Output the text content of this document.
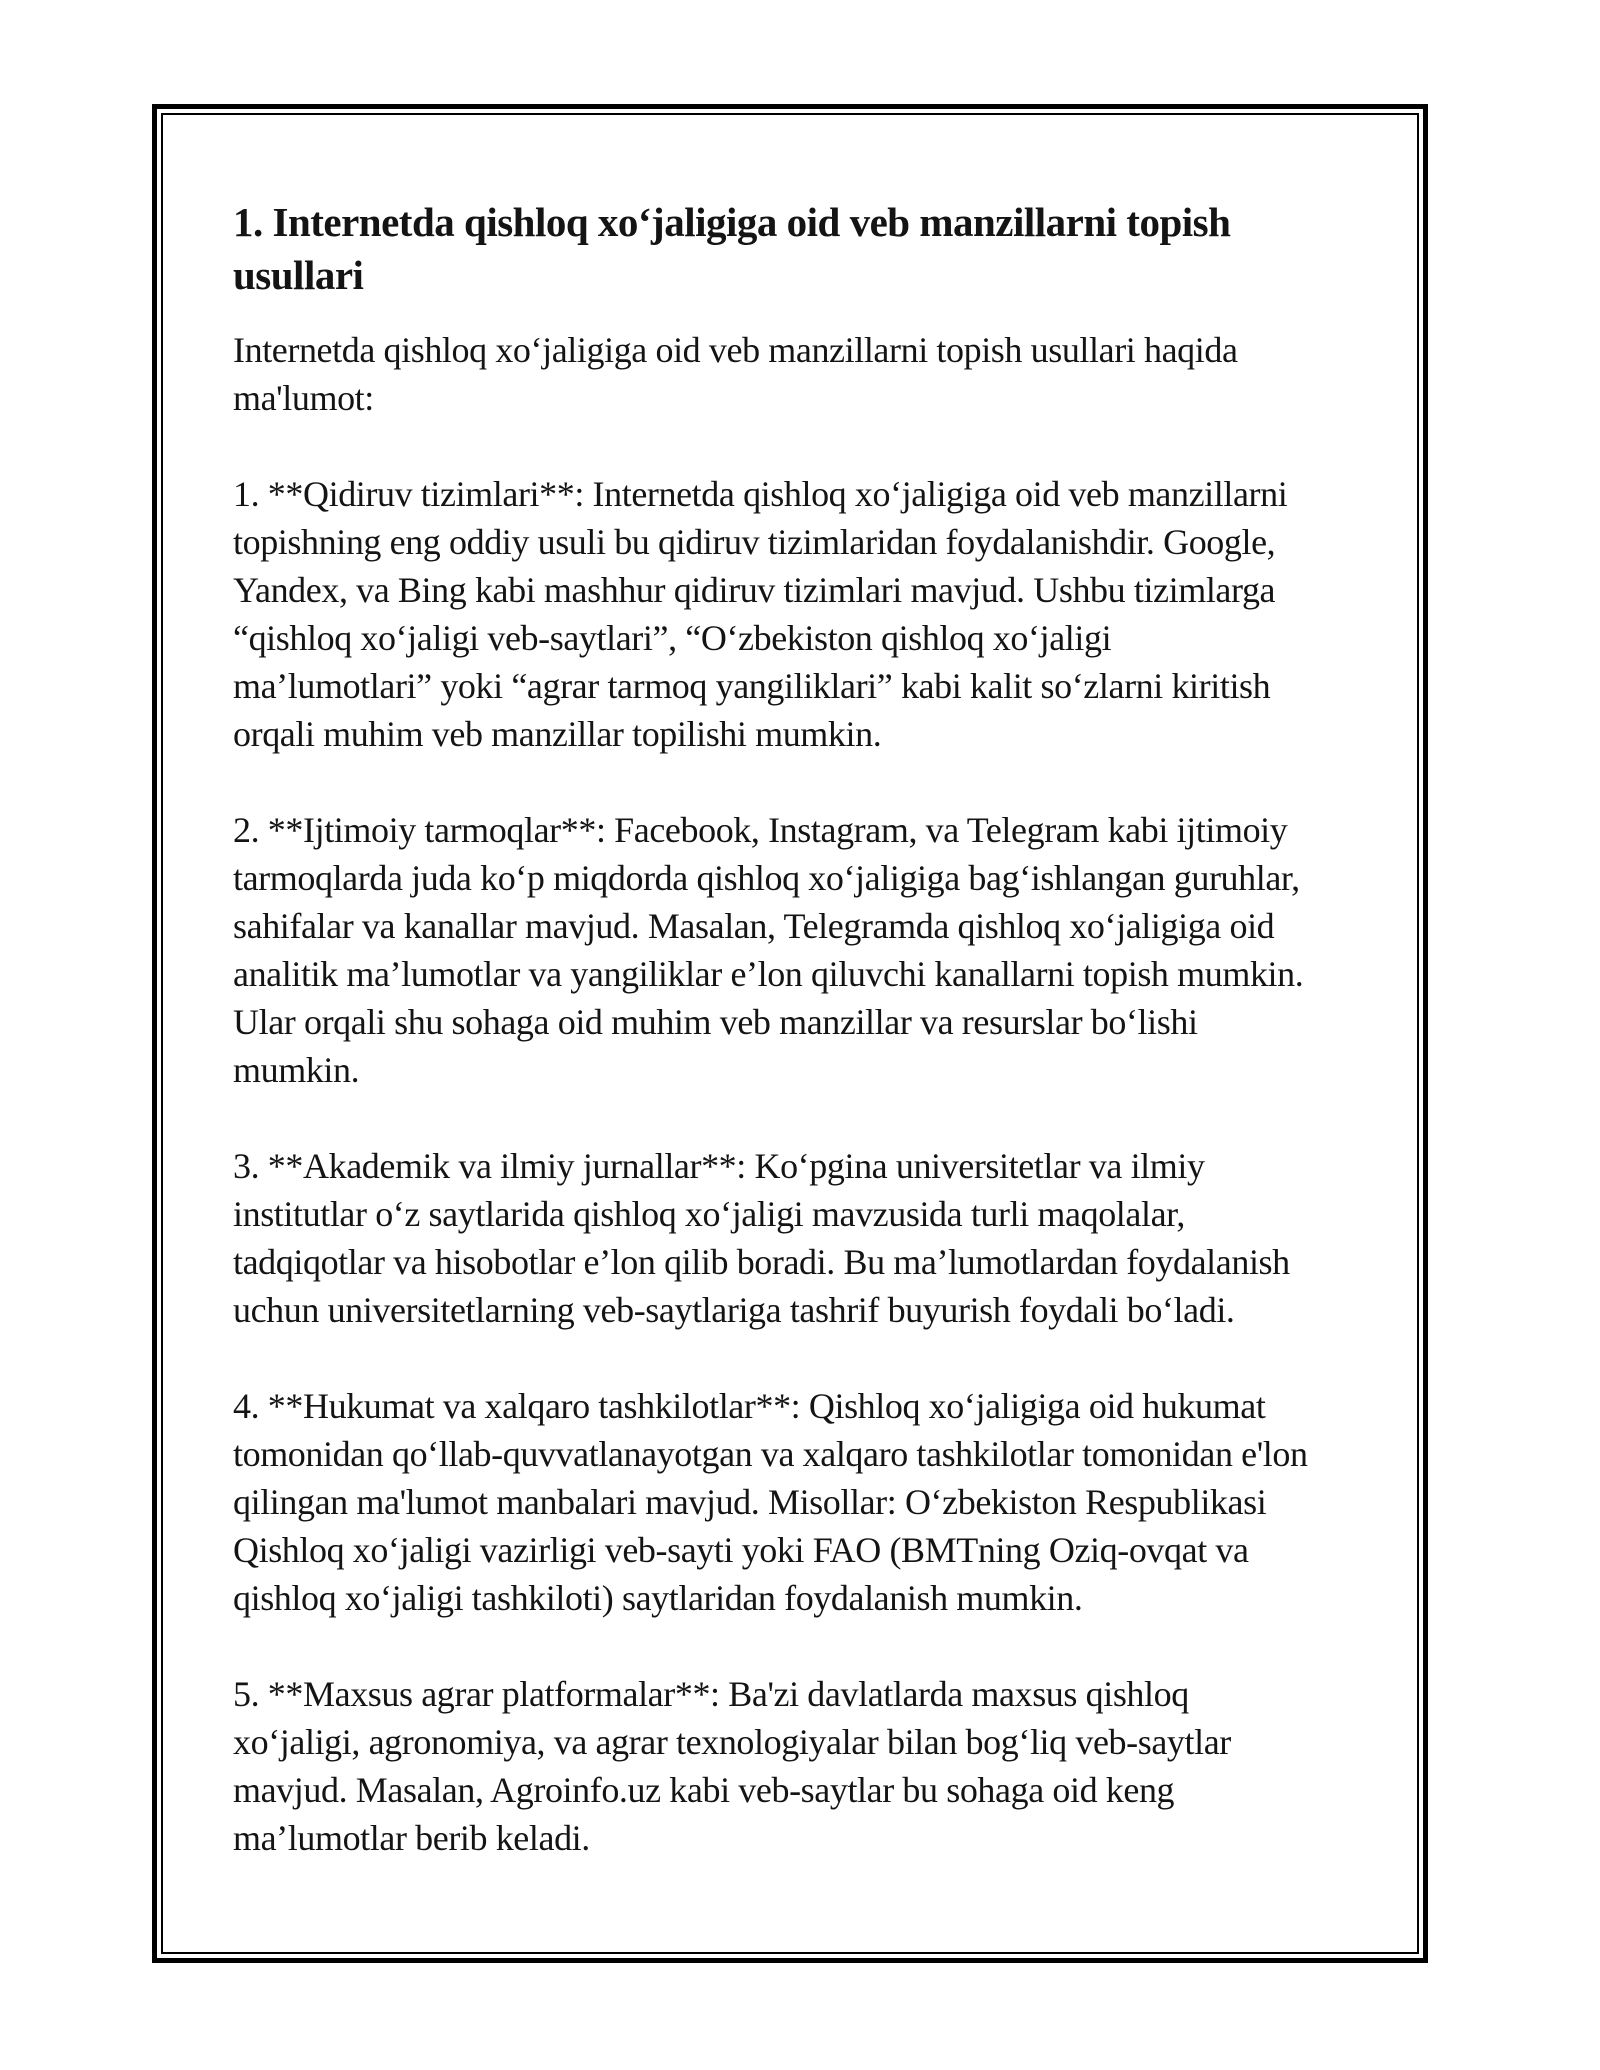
1. Internetda qishloq xo‘jaligiga oid veb manzillarni topish
usullari
Internetda qishloq xo‘jaligiga oid veb manzillarni topish usullari haqida
ma'lumot:
1. **Qidiruv tizimlari**: Internetda qishloq xo‘jaligiga oid veb manzillarni
topishning eng oddiy usuli bu qidiruv tizimlaridan foydalanishdir. Google,
Yandex, va Bing kabi mashhur qidiruv tizimlari mavjud. Ushbu tizimlarga
“qishloq xo‘jaligi veb-saytlari”, “O‘zbekiston qishloq xo‘jaligi
ma’lumotlari” yoki “agrar tarmoq yangiliklari” kabi kalit so‘zlarni kiritish
orqali muhim veb manzillar topilishi mumkin.
2. **Ijtimoiy tarmoqlar**: Facebook, Instagram, va Telegram kabi ijtimoiy
tarmoqlarda juda ko‘p miqdorda qishloq xo‘jaligiga bag‘ishlangan guruhlar,
sahifalar va kanallar mavjud. Masalan, Telegramda qishloq xo‘jaligiga oid
analitik ma’lumotlar va yangiliklar e’lon qiluvchi kanallarni topish mumkin.
Ular orqali shu sohaga oid muhim veb manzillar va resurslar bo‘lishi
mumkin.
3. **Akademik va ilmiy jurnallar**: Ko‘pgina universitetlar va ilmiy
institutlar o‘z saytlarida qishloq xo‘jaligi mavzusida turli maqolalar,
tadqiqotlar va hisobotlar e’lon qilib boradi. Bu ma’lumotlardan foydalanish
uchun universitetlarning veb-saytlariga tashrif buyurish foydali bo‘ladi.
4. **Hukumat va xalqaro tashkilotlar**: Qishloq xo‘jaligiga oid hukumat
tomonidan qo‘llab-quvvatlanayotgan va xalqaro tashkilotlar tomonidan e'lon
qilingan ma'lumot manbalari mavjud. Misollar: O‘zbekiston Respublikasi
Qishloq xo‘jaligi vazirligi veb-sayti yoki FAO (BMTning Oziq-ovqat va
qishloq xo‘jaligi tashkiloti) saytlaridan foydalanish mumkin.
5. **Maxsus agrar platformalar**: Ba'zi davlatlarda maxsus qishloq
xo‘jaligi, agronomiya, va agrar texnologiyalar bilan bog‘liq veb-saytlar
mavjud. Masalan, Agroinfo.uz kabi veb-saytlar bu sohaga oid keng
ma’lumotlar berib keladi.
